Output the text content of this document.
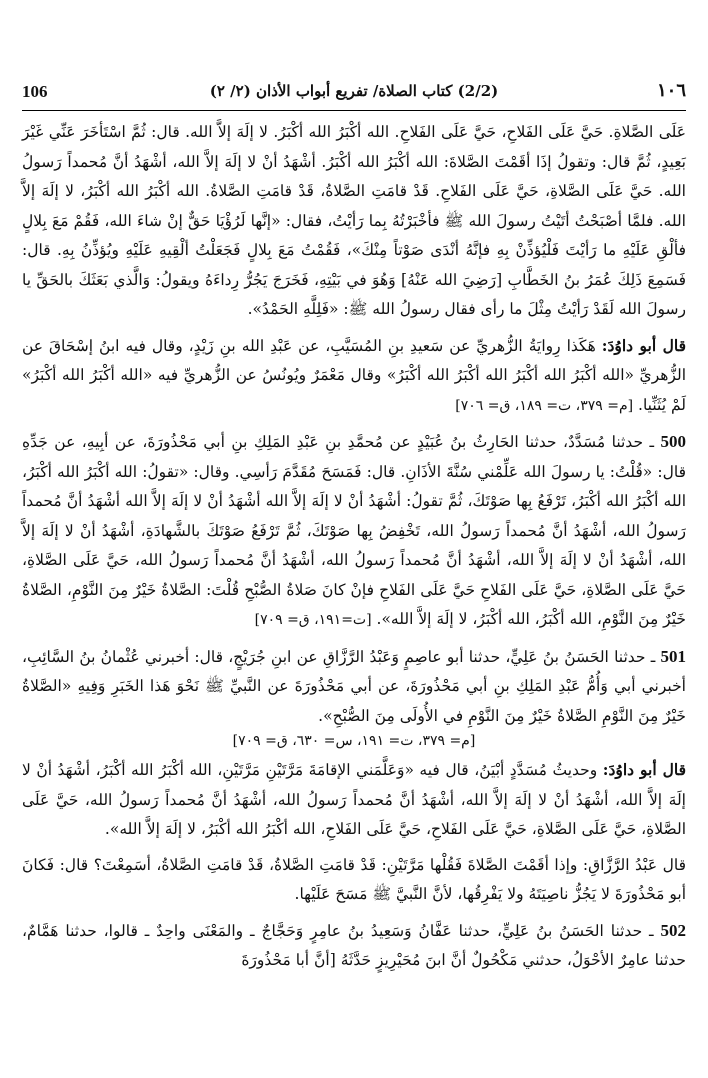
106	(2/2) كتاب الصلاة/ تفريع أبواب الأذان (٢/ ٢)	١٠٦

عَلَى الصَّلاةِ. حَيَّ عَلَى الفَلاحِ، حَيَّ عَلَى الفَلاحِ. الله أكْبَرُ الله أكْبَرُ. لا إلَهَ إلاَّ الله. قال: ثُمَّ اسْتَأخَرَ عَنِّي غَيْرَ بَعِيدٍ، ثُمَّ قال: وتقولُ إذَا أقَمْتَ الصَّلاةَ: الله أكْبَرُ الله أكْبَرُ. أشْهَدُ أنْ لا إلَهَ إلاَّ الله، أشْهَدُ أنَّ مُحمداً رَسولُ الله. حَيَّ عَلَى الصَّلاةِ، حَيَّ عَلَى الفَلاحِ. قَدْ قامَتِ الصَّلاةُ، قَدْ قامَتِ الصَّلاةُ. الله أكْبَرُ الله أكْبَرُ، لا إلَهَ إلاَّ الله. فلمَّا أصْبَحْتُ أتَيْتُ رسولَ الله ﷺ فأخْبَرْتُهُ بِما رَأيْتُ، فقال: «إنَّها لَرُؤْيَا حَقٌّ إنْ شاءَ الله، فَقُمْ مَعَ بِلالٍ فألْقِ عَلَيْهِ ما رَأيْتَ فَلْيُؤذِّنْ بِهِ فإنَّهُ أنْدَى صَوْتاً مِنْكَ»، فَقُمْتُ مَعَ بِلالٍ فَجَعَلْتُ ألْقِيهِ عَلَيْهِ ويُؤذِّنُ بِهِ. قال: فَسَمِعَ ذَلِكَ عُمَرُ بنُ الخَطَّابِ [رَضِيَ الله عَنْهُ] وَهُوَ في بَيْتِهِ، فَخَرَجَ يَجُرُّ رِداءَهُ ويقولُ: وَالَّذي بَعَثَكَ بالحَقِّ يا رسولَ الله لَقَدْ رَأيْتُ مِثْلَ ما رأى فقال رسولُ الله ﷺ: «فَلِلَّهِ الحَمْدُ».

قال أبو داوُدَ: هَكَذا رِوايَةُ الزُّهريِّ عن سَعيدِ بنِ المُسَيَّبِ، عن عَبْدِ الله بنِ زَيْدٍ، وقال فيه ابنُ إسْحَاقَ عن الزُّهريِّ «الله أكْبَرُ الله أكْبَرُ الله أكْبَرُ الله أكْبَرُ» وقال مَعْمَرٌ ويُونُسُ عن الزُّهريِّ فيه «الله أكْبَرُ الله أكْبَرُ» لَمْ يُثَنِّيا. [م= ٣٧٩، ت= ١٨٩، ق= ٧٠٦]

500 ـ حدثنا مُسَدَّدٌ، حدثنا الحَارِثُ بنُ عُبَيْدٍ عن مُحمَّدِ بنِ عَبْدِ المَلِكِ بنِ أبي مَحْذُورَةَ، عن أبِيهِ، عن جَدِّهِ قال: «قُلْتُ: يا رسولَ الله عَلِّمْني سُنَّةَ الأذَانِ. قال: فَمَسَحَ مُقَدَّمَ رَأسِي. وقال: «تقولُ: الله أكْبَرُ الله أكْبَرُ، الله أكْبَرُ الله أكْبَرُ، تَرْفَعُ بِها صَوْتَكَ، ثُمَّ تقولُ: أشْهَدُ أنْ لا إلَهَ إلاَّ الله أشْهَدُ أنْ لا إلَهَ إلاَّ الله أشْهَدُ أنَّ مُحمداً رَسولُ الله، أشْهَدُ أنَّ مُحمداً رَسولُ الله، تَخْفِضُ بِها صَوْتَكَ، ثُمَّ تَرْفَعُ صَوْتَكَ بالشَّهادَةِ، أشْهَدُ أنْ لا إلَهَ إلاَّ الله، أشْهَدُ أنْ لا إلَهَ إلاَّ الله، أشْهَدُ أنَّ مُحمداً رَسولُ الله، أشْهَدُ أنَّ مُحمداً رَسولُ الله، حَيَّ عَلَى الصَّلاةِ، حَيَّ عَلَى الصَّلاةِ، حَيَّ عَلَى الفَلاحِ حَيَّ عَلَى الفَلاحِ فإنْ كانَ صَلاةُ الصُّبْحِ قُلْتَ: الصَّلاةُ خَيْرٌ مِنَ النَّوْمِ، الصَّلاةُ خَيْرٌ مِنَ النَّوْمِ، الله أكْبَرُ، الله أكْبَرُ، لا إلَهَ إلاَّ الله». [ت=١٩١، ق= ٧٠٩]

501 ـ حدثنا الحَسَنُ بنُ عَلِيٍّ، حدثنا أبو عاصِمٍ وَعَبْدُ الرَّزَّاقِ عن ابنِ جُرَيْجٍ، قال: أخبرني عُثْمانُ بنُ السَّائِبِ، أخبرني أبي وَأُمُّ عَبْدِ المَلِكِ بنِ أبي مَحْذُورَةَ، عن أبي مَحْذُورَةَ عن النَّبيِّ ﷺ نَحْوَ هَذا الخَبَرِ وَفِيهِ «الصَّلاةُ خَيْرٌ مِنَ النَّوْمِ الصَّلاةُ خَيْرٌ مِنَ النَّوْمِ في الأُولَى مِنَ الصُّبْحِ».

[م= ٣٧٩، ت= ١٩١، س= ٦٣٠، ق= ٧٠٩]

قال أبو داوُدَ: وحديثُ مُسَدَّدٍ أبْيَنُ، قال فيه «وَعَلَّمَني الإقامَةَ مَرَّتَيْنِ مَرَّتَيْنِ، الله أكْبَرُ الله أكْبَرُ، أشْهَدُ أنْ لا إلَهَ إلاَّ الله، أشْهَدُ أنْ لا إلَهَ إلاَّ الله، أشْهَدُ أنَّ مُحمداً رَسولُ الله، أشْهَدُ أنَّ مُحمداً رَسولُ الله، حَيَّ عَلَى الصَّلاةِ، حَيَّ عَلَى الصَّلاةِ، حَيَّ عَلَى الفَلاحِ، حَيَّ عَلَى الفَلاحِ، الله أكْبَرُ الله أكْبَرُ، لا إلَهَ إلاَّ الله».

قال عَبْدُ الرَّزَّاقِ: وإذا أقَمْتَ الصَّلاةَ فَقُلْها مَرَّتَيْنِ: قَدْ قامَتِ الصَّلاةُ، قَدْ قامَتِ الصَّلاةُ، أسَمِعْتَ؟ قال: فَكانَ أبو مَحْذُورَةَ لا يَجُزُّ ناصِيَتَهُ ولا يَفْرِقُها، لأنَّ النَّبيَّ ﷺ مَسَحَ عَلَيْها.

502 ـ حدثنا الحَسَنُ بنُ عَلِيٍّ، حدثنا عَفَّانُ وَسَعِيدُ بنُ عامِرٍ وَحَجَّاجٌ ـ والمَعْنَى واحِدٌ ـ قالوا، حدثنا هَمَّامٌ، حدثنا عامِرٌ الأحْوَلُ، حدثني مَكْحُولٌ أنَّ ابنَ مُحَيْرِيزٍ حَدَّثَهُ [أنَّ أبا مَحْذُورَةَ
